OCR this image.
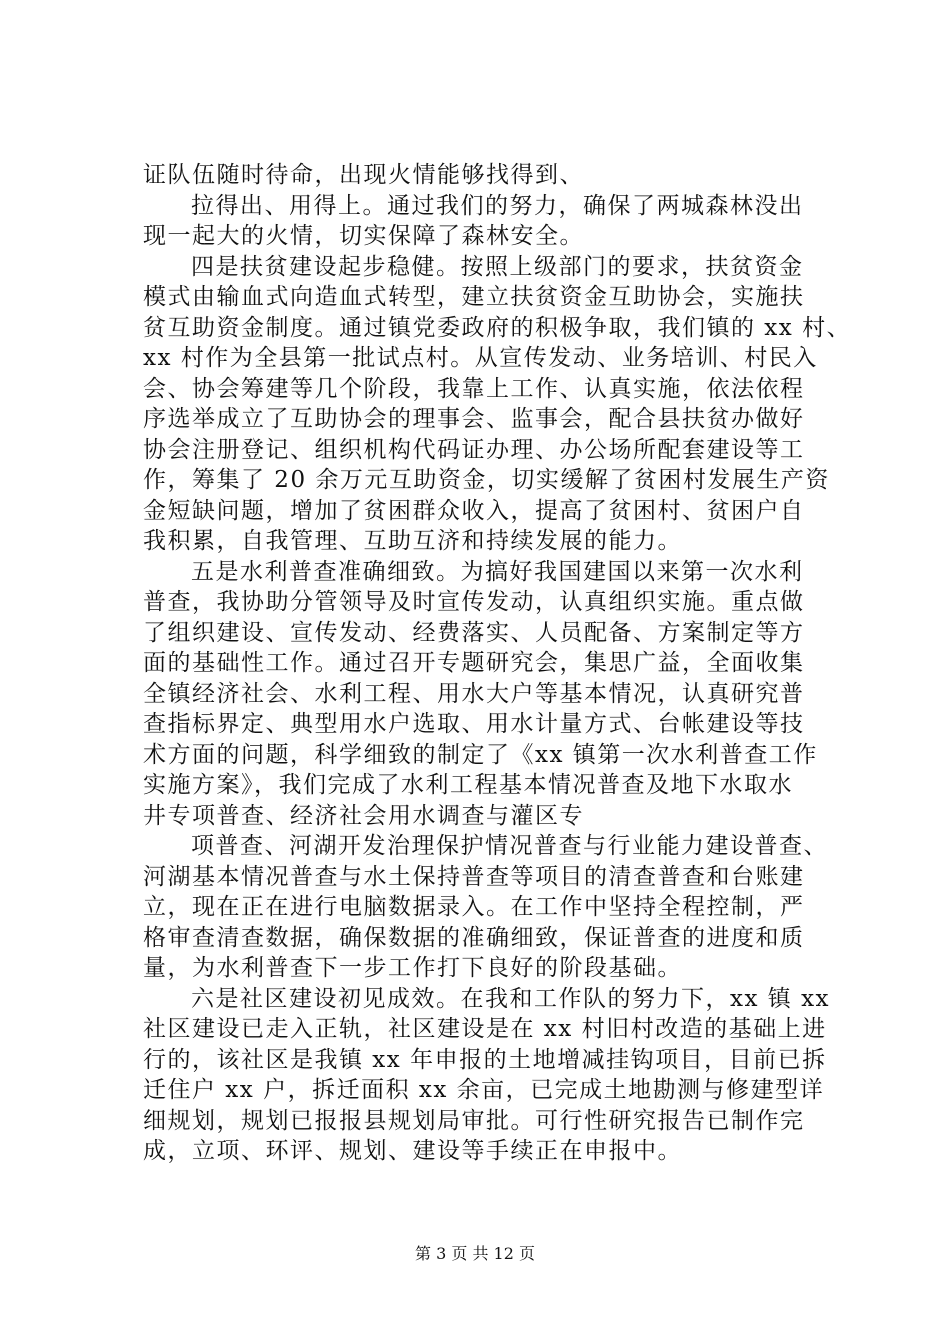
证队伍随时待命，出现火情能够找得到、
拉得出、用得上。通过我们的努力，确保了两城森林没出
现一起大的火情，切实保障了森林安全。
四是扶贫建设起步稳健。按照上级部门的要求，扶贫资金
模式由输血式向造血式转型，建立扶贫资金互助协会，实施扶
贫互助资金制度。通过镇党委政府的积极争取，我们镇的 xx 村、
xx 村作为全县第一批试点村。从宣传发动、业务培训、村民入
会、协会筹建等几个阶段，我靠上工作、认真实施，依法依程
序选举成立了互助协会的理事会、监事会，配合县扶贫办做好
协会注册登记、组织机构代码证办理、办公场所配套建设等工
作，筹集了 20 余万元互助资金，切实缓解了贫困村发展生产资
金短缺问题，增加了贫困群众收入，提高了贫困村、贫困户自
我积累，自我管理、互助互济和持续发展的能力。
五是水利普查准确细致。为搞好我国建国以来第一次水利
普查，我协助分管领导及时宣传发动，认真组织实施。重点做
了组织建设、宣传发动、经费落实、人员配备、方案制定等方
面的基础性工作。通过召开专题研究会，集思广益，全面收集
全镇经济社会、水利工程、用水大户等基本情况，认真研究普
查指标界定、典型用水户选取、用水计量方式、台帐建设等技
术方面的问题，科学细致的制定了《xx 镇第一次水利普查工作
实施方案》，我们完成了水利工程基本情况普查及地下水取水
井专项普查、经济社会用水调查与灌区专
项普查、河湖开发治理保护情况普查与行业能力建设普查、
河湖基本情况普查与水土保持普查等项目的清查普查和台账建
立，现在正在进行电脑数据录入。在工作中坚持全程控制，严
格审查清查数据，确保数据的准确细致，保证普查的进度和质
量，为水利普查下一步工作打下良好的阶段基础。
六是社区建设初见成效。在我和工作队的努力下，xx 镇 xx
社区建设已走入正轨，社区建设是在 xx 村旧村改造的基础上进
行的，该社区是我镇 xx 年申报的土地增减挂钩项目，目前已拆
迁住户 xx 户，拆迁面积 xx 余亩，已完成土地勘测与修建型详
细规划，规划已报报县规划局审批。可行性研究报告已制作完
成，立项、环评、规划、建设等手续正在申报中。
第 3 页 共 12 页
